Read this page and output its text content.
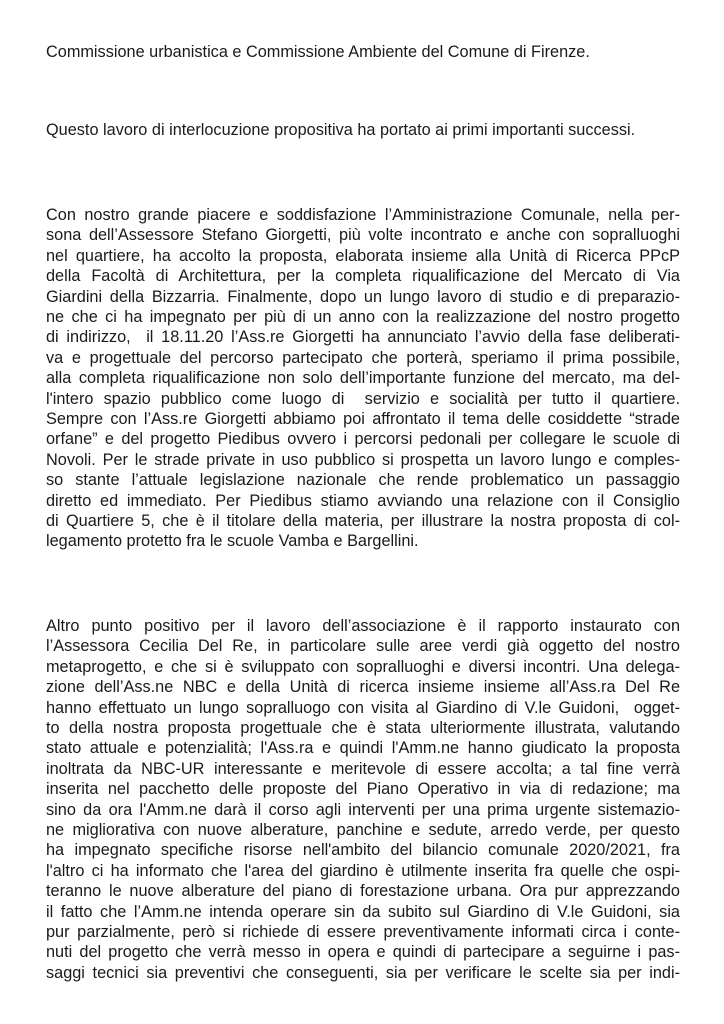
Commissione urbanistica e Commissione Ambiente del Comune di Firenze.
Questo lavoro di interlocuzione propositiva ha portato ai primi importanti successi.
Con nostro grande piacere e soddisfazione l’Amministrazione Comunale, nella per-
sona dell’Assessore Stefano Giorgetti, più volte incontrato e anche con sopralluoghi
nel quartiere, ha accolto la proposta, elaborata insieme alla Unità di Ricerca PPcP
della Facoltà di Architettura, per la completa riqualificazione del Mercato di Via
Giardini della Bizzarria. Finalmente, dopo un lungo lavoro di studio e di preparazio-
ne che ci ha impegnato per più di un anno con la realizzazione del nostro progetto
di indirizzo,  il 18.11.20 l’Ass.re Giorgetti ha annunciato l’avvio della fase deliberati-
va e progettuale del percorso partecipato che porterà, speriamo il prima possibile,
alla completa riqualificazione non solo dell’importante funzione del mercato, ma del-
l'intero spazio pubblico come luogo di  servizio e socialità per tutto il quartiere.
Sempre con l’Ass.re Giorgetti abbiamo poi affrontato il tema delle cosiddette “strade
orfane” e del progetto Piedibus ovvero i percorsi pedonali per collegare le scuole di
Novoli. Per le strade private in uso pubblico si prospetta un lavoro lungo e comples-
so stante l’attuale legislazione nazionale che rende problematico un passaggio
diretto ed immediato. Per Piedibus stiamo avviando una relazione con il Consiglio
di Quartiere 5, che è il titolare della materia, per illustrare la nostra proposta di col-
legamento protetto fra le scuole Vamba e Bargellini.
Altro punto positivo per il lavoro dell’associazione è il rapporto instaurato con
l’Assessora Cecilia Del Re, in particolare sulle aree verdi già oggetto del nostro
metaprogetto, e che si è sviluppato con sopralluoghi e diversi incontri. Una delega-
zione dell’Ass.ne NBC e della Unità di ricerca insieme insieme all’Ass.ra Del Re
hanno effettuato un lungo sopralluogo con visita al Giardino di V.le Guidoni,  ogget-
to della nostra proposta progettuale che è stata ulteriormente illustrata, valutando
stato attuale e potenzialità; l'Ass.ra e quindi l'Amm.ne hanno giudicato la proposta
inoltrata da NBC-UR interessante e meritevole di essere accolta; a tal fine verrà
inserita nel pacchetto delle proposte del Piano Operativo in via di redazione; ma
sino da ora l'Amm.ne darà il corso agli interventi per una prima urgente sistemazio-
ne migliorativa con nuove alberature, panchine e sedute, arredo verde, per questo
ha impegnato specifiche risorse nell'ambito del bilancio comunale 2020/2021, fra
l'altro ci ha informato che l'area del giardino è utilmente inserita fra quelle che ospi-
teranno le nuove alberature del piano di forestazione urbana. Ora pur apprezzando
il fatto che l’Amm.ne intenda operare sin da subito sul Giardino di V.le Guidoni, sia
pur parzialmente, però si richiede di essere preventivamente informati circa i conte-
nuti del progetto che verrà messo in opera e quindi di partecipare a seguirne i pas-
saggi tecnici sia preventivi che conseguenti, sia per verificare le scelte sia per indi-
